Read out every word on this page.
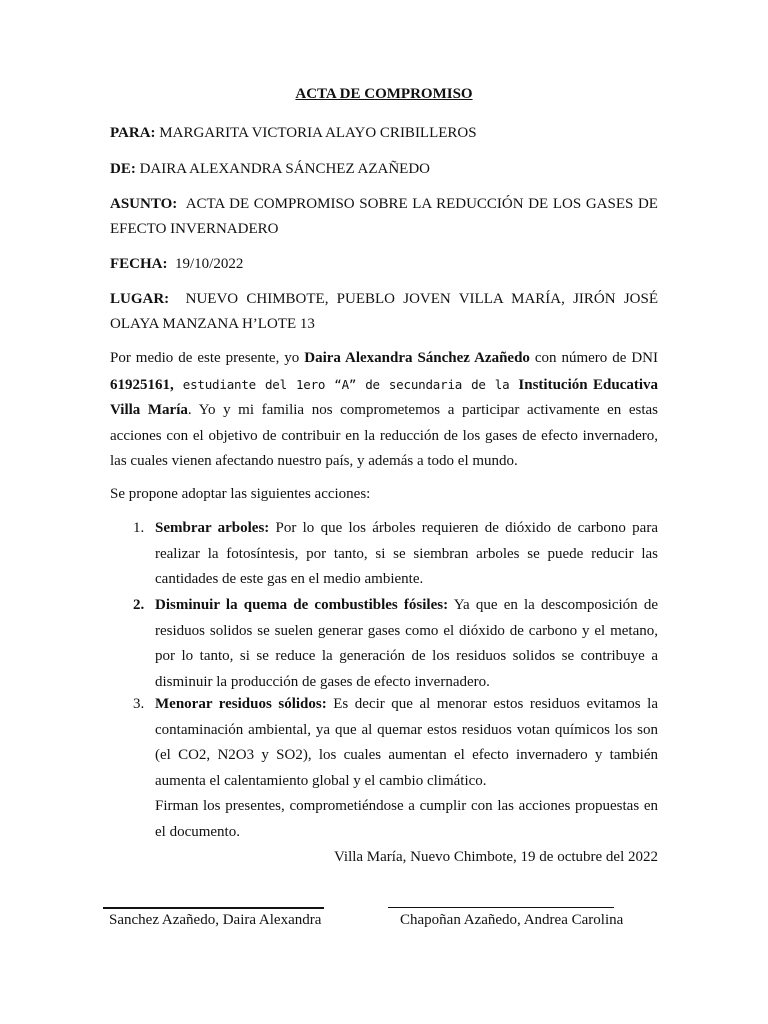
ACTA DE COMPROMISO
PARA: MARGARITA VICTORIA ALAYO CRIBILLEROS
DE: DAIRA ALEXANDRA SÁNCHEZ AZAÑEDO
ASUNTO: ACTA DE COMPROMISO SOBRE LA REDUCCIÓN DE LOS GASES DE EFECTO INVERNADERO
FECHA: 19/10/2022
LUGAR: NUEVO CHIMBOTE, PUEBLO JOVEN VILLA MARÍA, JIRÓN JOSÉ OLAYA MANZANA H’LOTE 13
Por medio de este presente, yo Daira Alexandra Sánchez Azañedo con número de DNI 61925161, estudiante del 1ero “A” de secundaria de la Institución Educativa Villa María. Yo y mi familia nos comprometemos a participar activamente en estas acciones con el objetivo de contribuir en la reducción de los gases de efecto invernadero, las cuales vienen afectando nuestro país, y además a todo el mundo.
Se propone adoptar las siguientes acciones:
1. Sembrar arboles: Por lo que los árboles requieren de dióxido de carbono para realizar la fotosíntesis, por tanto, si se siembran arboles se puede reducir las cantidades de este gas en el medio ambiente.
2. Disminuir la quema de combustibles fósiles: Ya que en la descomposición de residuos solidos se suelen generar gases como el dióxido de carbono y el metano, por lo tanto, si se reduce la generación de los residuos solidos se contribuye a disminuir la producción de gases de efecto invernadero.
3. Menorar residuos sólidos: Es decir que al menorar estos residuos evitamos la contaminación ambiental, ya que al quemar estos residuos votan químicos los son (el CO2, N2O3 y SO2), los cuales aumentan el efecto invernadero y también aumenta el calentamiento global y el cambio climático.
Firman los presentes, comprometiéndose a cumplir con las acciones propuestas en el documento.
Villa María, Nuevo Chimbote, 19 de octubre del 2022
Sanchez Azañedo, Daira Alexandra	Chapoñan Azañedo, Andrea Carolina
